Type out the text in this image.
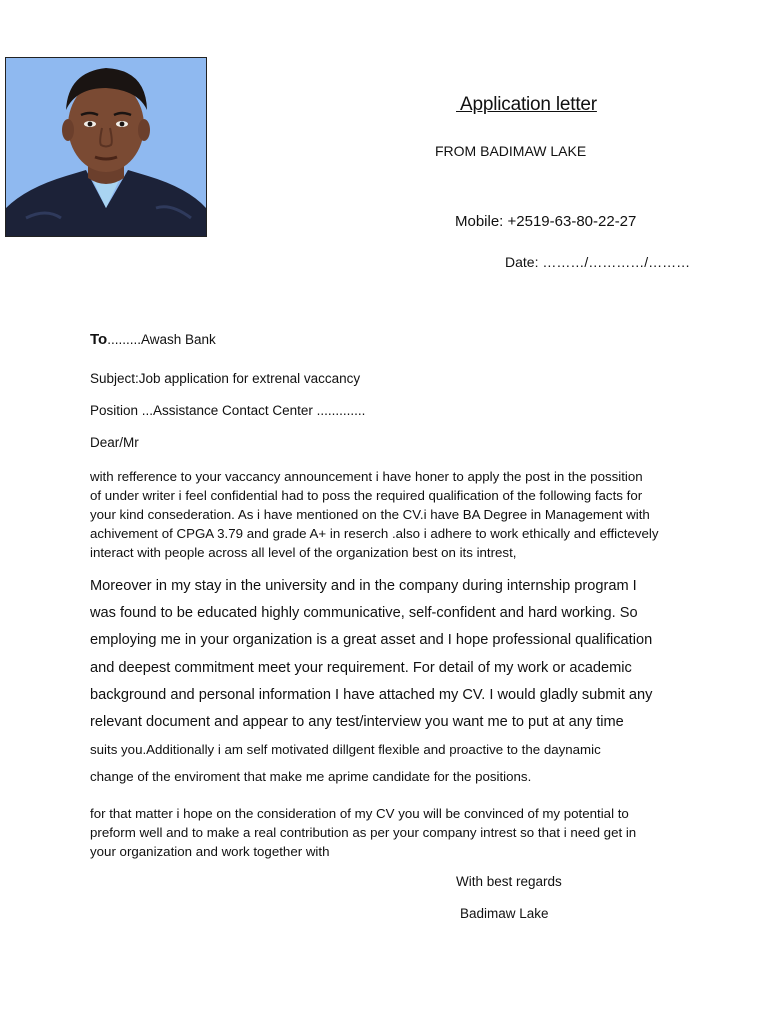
Application letter
FROM BADIMAW LAKE
Mobile: +2519-63-80-22-27
Date: ………/…………/………
To.........Awash Bank
Subject:Job application for extrenal vaccancy
Position ...Assistance Contact Center .............
Dear/Mr
with refference to your vaccancy announcement i have honer to apply the post in the possition
of under writer i feel confidential had to poss the required qualification of the following facts for
your kind consederation. As i have mentioned on the CV.i have BA Degree in Management with
achivement of CPGA 3.79 and grade A+ in reserch .also i adhere to work ethically and effictevely
interact with people across all level of the organization best on its intrest,
Moreover in my stay in the university and in the company during internship program I
was found to be educated highly communicative, self-confident and hard working. So
employing me in your organization is a great asset and I hope professional qualification
and deepest commitment meet your requirement. For detail of my work or academic
background and personal information I have attached my CV. I would gladly submit any
relevant document and appear to any test/interview you want me to put at any time
suits you.Additionally i am self motivated dillgent flexible and proactive to the daynamic
change of the enviroment that make me aprime candidate for the positions.
for that matter i hope on the consideration of my CV you will be convinced of my potential to
preform well and to make a real contribution as per your company intrest so that i need get in
your organization and work together with
With best regards
Badimaw Lake
